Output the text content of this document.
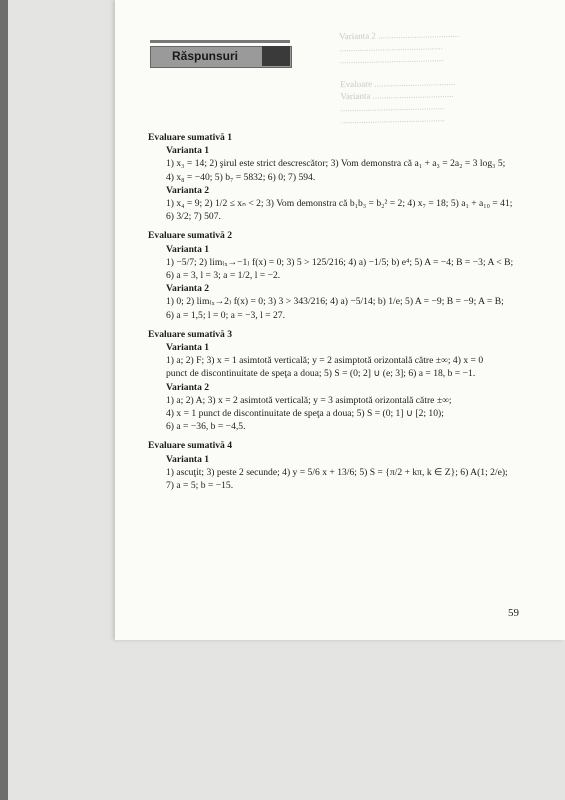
Varianta 2 ....................................
..............................................
..............................................

Evaluare ....................................
Varianta ....................................
..............................................
..............................................
Răspunsuri
Evaluare sumativă 1
Varianta 1
1) x₃ = 14; 2) şirul este strict descrescător; 3) Vom demonstra că a₁ + a₃ = 2a₂ = 3 log₃ 5;
4) x₈ = −40; 5) b₇ = 5832; 6) 0; 7) 594.
Varianta 2
1) x₄ = 9; 2) 1/2 ≤ xₙ < 2; 3) Vom demonstra că b₁b₃ = b₂² = 2; 4) x₇ = 18; 5) a₁ + a₁₀ = 41;
6) 3/2; 7) 507.
Evaluare sumativă 2
Varianta 1
1) −5/7; 2) lim₍ₓ→−1₎ f(x) = 0; 3) 5 > 125/216; 4) a) −1/5; b) e⁴; 5) A = −4; B = −3; A < B;
6) a = 3, l = 3; a = 1/2, l = −2.
Varianta 2
1) 0; 2) lim₍ₓ→2₎ f(x) = 0; 3) 3 > 343/216; 4) a) −5/14; b) 1/e; 5) A = −9; B = −9; A = B;
6) a = 1,5; l = 0; a = −3, l = 27.
Evaluare sumativă 3
Varianta 1
1) a; 2) F; 3) x = 1 asimtotă verticală; y = 2 asimptotă orizontală către ±∞; 4) x = 0
punct de discontinuitate de speţa a doua; 5) S = (0; 2] ∪ (e; 3]; 6) a = 18, b = −1.
Varianta 2
1) a; 2) A; 3) x = 2 asimtotă verticală; y = 3 asimptotă orizontală către ±∞;
4) x = 1 punct de discontinuitate de speţa a doua; 5) S = (0; 1] ∪ [2; 10);
6) a = −36, b = −4,5.
Evaluare sumativă 4
Varianta 1
1) ascuţit; 3) peste 2 secunde; 4) y = 5/6 x + 13/6; 5) S = {π/2 + kπ, k ∈ Z}; 6) A(1; 2/e);
7) a = 5; b = −15.
59
